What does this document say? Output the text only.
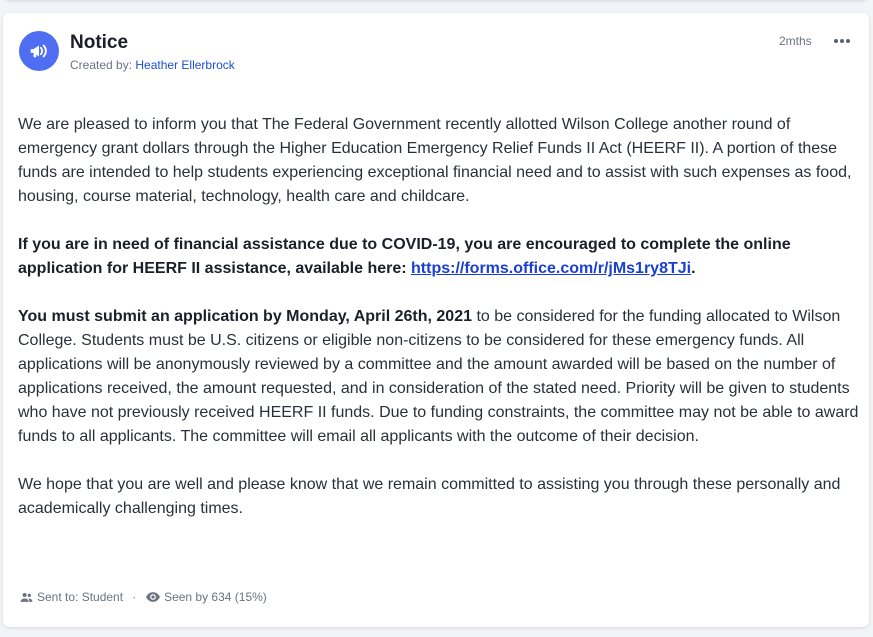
Notice
Created by: Heather Ellerbrock
2mths

We are pleased to inform you that The Federal Government recently allotted Wilson College another round of emergency grant dollars through the Higher Education Emergency Relief Funds II Act (HEERF II). A portion of these funds are intended to help students experiencing exceptional financial need and to assist with such expenses as food, housing, course material, technology, health care and childcare.

If you are in need of financial assistance due to COVID-19, you are encouraged to complete the online application for HEERF II assistance, available here: https://forms.office.com/r/jMs1ry8TJi.

You must submit an application by Monday, April 26th, 2021 to be considered for the funding allocated to Wilson College. Students must be U.S. citizens or eligible non-citizens to be considered for these emergency funds. All applications will be anonymously reviewed by a committee and the amount awarded will be based on the number of applications received, the amount requested, and in consideration of the stated need. Priority will be given to students who have not previously received HEERF II funds. Due to funding constraints, the committee may not be able to award funds to all applicants. The committee will email all applicants with the outcome of their decision.

We hope that you are well and please know that we remain committed to assisting you through these personally and academically challenging times.

Sent to: Student · Seen by 634 (15%)
